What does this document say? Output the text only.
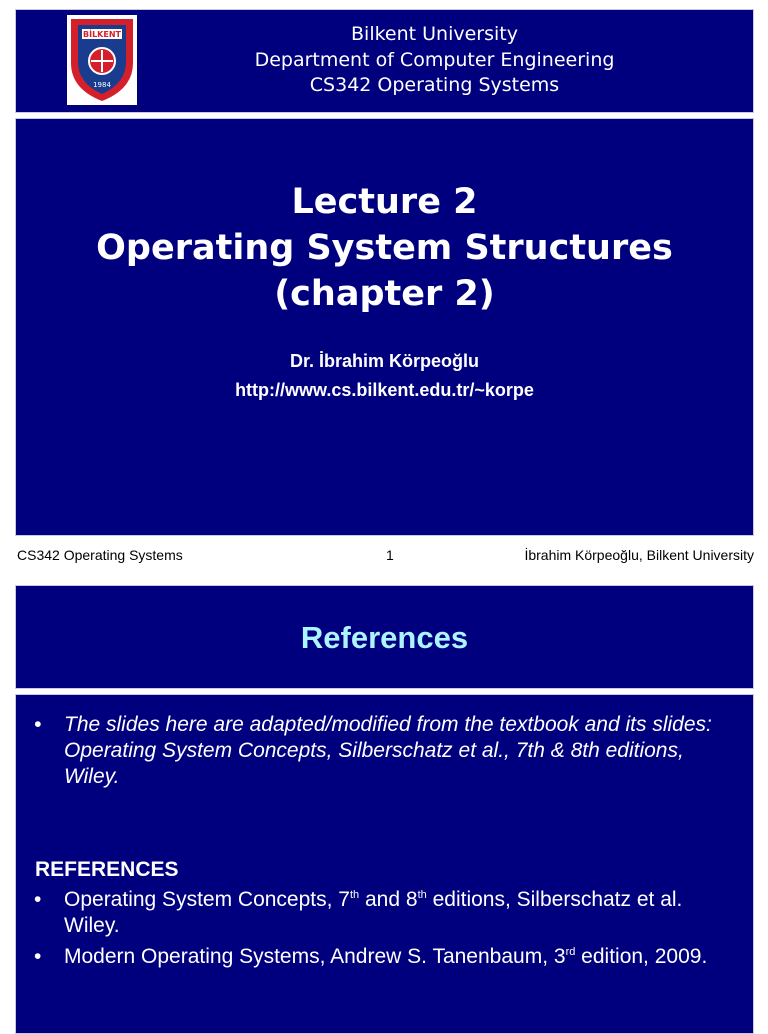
BİLKENT
1984
Bilkent University
Department of Computer Engineering
CS342 Operating Systems
Lecture 2
Operating System Structures
(chapter 2)
Dr. İbrahim Körpeoğlu
http://www.cs.bilkent.edu.tr/~korpe
CS342 Operating Systems	1	İbrahim Körpeoğlu, Bilkent University
References
• The slides here are adapted/modified from the textbook and its slides: Operating System Concepts, Silberschatz et al., 7th & 8th editions, Wiley.
REFERENCES
• Operating System Concepts, 7th and 8th editions, Silberschatz et al. Wiley.
• Modern Operating Systems, Andrew S. Tanenbaum, 3rd edition, 2009.
